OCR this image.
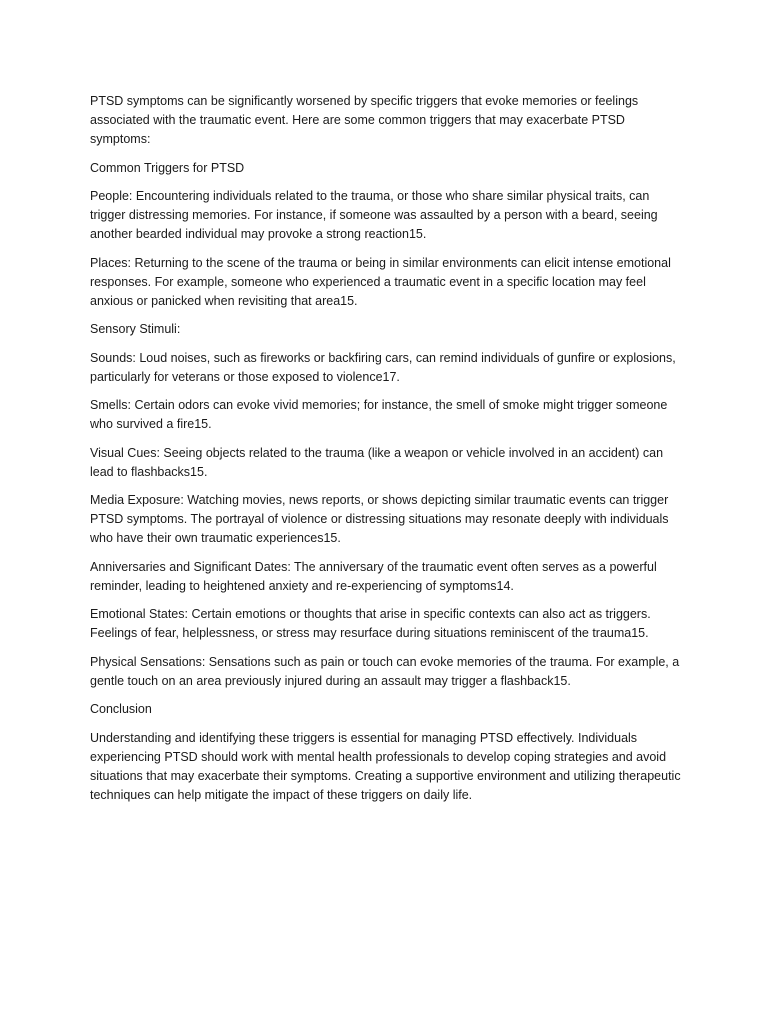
PTSD symptoms can be significantly worsened by specific triggers that evoke memories or feelings associated with the traumatic event. Here are some common triggers that may exacerbate PTSD symptoms:

Common Triggers for PTSD

People: Encountering individuals related to the trauma, or those who share similar physical traits, can trigger distressing memories. For instance, if someone was assaulted by a person with a beard, seeing another bearded individual may provoke a strong reaction15.

Places: Returning to the scene of the trauma or being in similar environments can elicit intense emotional responses. For example, someone who experienced a traumatic event in a specific location may feel anxious or panicked when revisiting that area15.

Sensory Stimuli:

Sounds: Loud noises, such as fireworks or backfiring cars, can remind individuals of gunfire or explosions, particularly for veterans or those exposed to violence17.

Smells: Certain odors can evoke vivid memories; for instance, the smell of smoke might trigger someone who survived a fire15.

Visual Cues: Seeing objects related to the trauma (like a weapon or vehicle involved in an accident) can lead to flashbacks15.

Media Exposure: Watching movies, news reports, or shows depicting similar traumatic events can trigger PTSD symptoms. The portrayal of violence or distressing situations may resonate deeply with individuals who have their own traumatic experiences15.

Anniversaries and Significant Dates: The anniversary of the traumatic event often serves as a powerful reminder, leading to heightened anxiety and re-experiencing of symptoms14.

Emotional States: Certain emotions or thoughts that arise in specific contexts can also act as triggers. Feelings of fear, helplessness, or stress may resurface during situations reminiscent of the trauma15.

Physical Sensations: Sensations such as pain or touch can evoke memories of the trauma. For example, a gentle touch on an area previously injured during an assault may trigger a flashback15.

Conclusion

Understanding and identifying these triggers is essential for managing PTSD effectively. Individuals experiencing PTSD should work with mental health professionals to develop coping strategies and avoid situations that may exacerbate their symptoms. Creating a supportive environment and utilizing therapeutic techniques can help mitigate the impact of these triggers on daily life.
